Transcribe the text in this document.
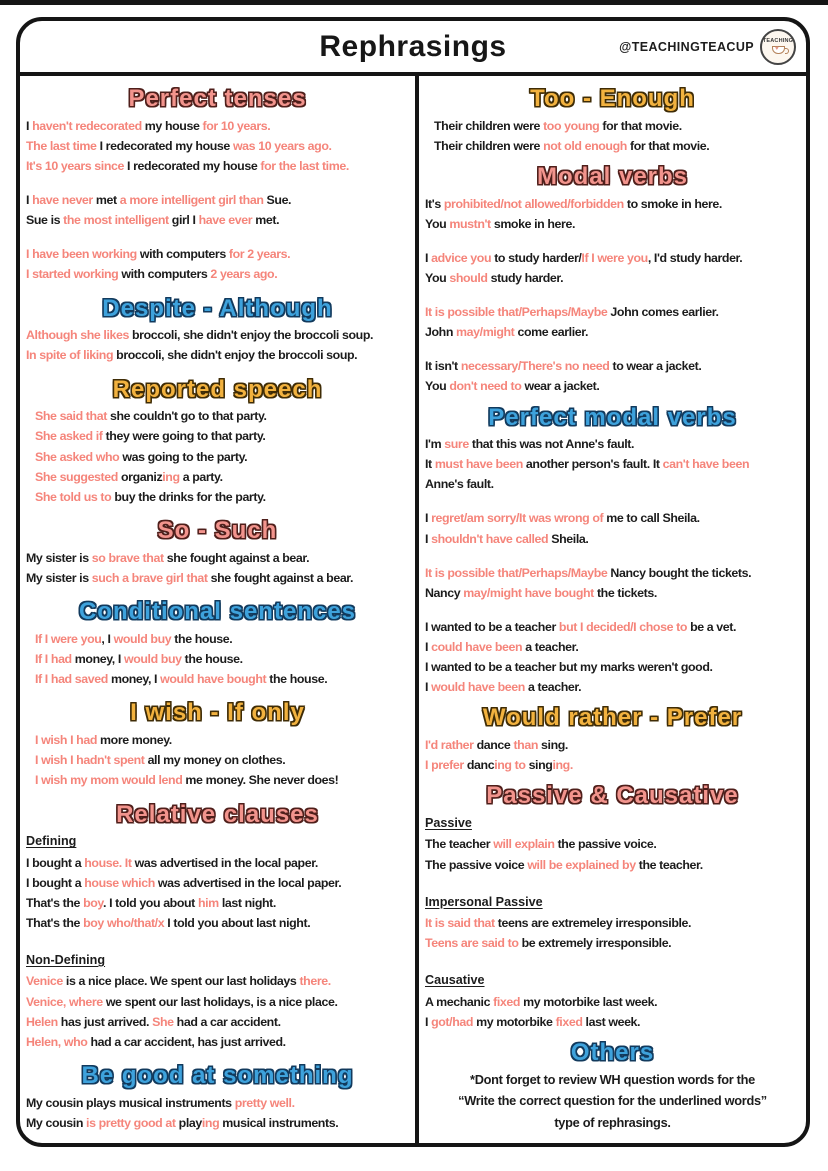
Rephrasings	@TEACHINGTEACUP TEACHING
♥
Perfect tenses

I haven't redecorated my house for 10 years.

The last time I redecorated my house was 10 years ago.

It's 10 years since I redecorated my house for the last time.

I have never met a more intelligent girl than Sue.

Sue is the most intelligent girl I have ever met.

I have been working with computers for 2 years.

I started working with computers 2 years ago.

Despite - Although

Although she likes broccoli, she didn't enjoy the broccoli soup.

In spite of liking broccoli, she didn't enjoy the broccoli soup.

Reported speech

She said that she couldn't go to that party.

She asked if they were going to that party.

She asked who was going to the party.

She suggested organizing a party.

She told us to buy the drinks for the party.

So - Such

My sister is so brave that she fought against a bear.

My sister is such a brave girl that she fought against a bear.

Conditional sentences

If I were you, I would buy the house.

If I had money, I would buy the house.

If I had saved money, I would have bought the house.

I wish - If only

I wish I had more money.

I wish I hadn't spent all my money on clothes.

I wish my mom would lend me money. She never does!

Relative clauses
Defining

I bought a house. It was advertised in the local paper.

I bought a house which was advertised in the local paper.

That's the boy. I told you about him last night.

That's the boy who/that/x I told you about last night.

Non-Defining

Venice is a nice place. We spent our last holidays there.

Venice, where we spent our last holidays, is a nice place.

Helen has just arrived. She had a car accident.

Helen, who had a car accident, has just arrived.

Be good at something

My cousin plays musical instruments pretty well.

My cousin is pretty good at playing musical instruments.

Too - Enough

Their children were too young for that movie.

Their children were not old enough for that movie.

Modal verbs

It's prohibited/not allowed/forbidden to smoke in here.

You mustn't smoke in here.

I advice you to study harder/If I were you, I'd study harder.

You should study harder.

It is possible that/Perhaps/Maybe John comes earlier.

John may/might come earlier.

It isn't necessary/There's no need to wear a jacket.

You don't need to wear a jacket.

Perfect modal verbs

I'm sure that this was not Anne's fault.

It must have been another person's fault. It can't have been

Anne's fault.

I regret/am sorry/It was wrong of me to call Sheila.

I shouldn't have called Sheila.

It is possible that/Perhaps/Maybe Nancy bought the tickets.

Nancy may/might have bought the tickets.

I wanted to be a teacher but I decided/I chose to be a vet.

I could have been a teacher.

I wanted to be a teacher but my marks weren't good.

I would have been a teacher.

Would rather - Prefer

I'd rather dance than sing.

I prefer dancing to singing.

Passive & Causative
Passive

The teacher will explain the passive voice.

The passive voice will be explained by the teacher.

Impersonal Passive

It is said that teens are extremeley irresponsible.

Teens are said to be extremely irresponsible.

Causative

A mechanic fixed my motorbike last week.

I got/had my motorbike fixed last week.

Others

*Dont forget to review WH question words for the

“Write the correct question for the underlined words”

type of rephrasings.
